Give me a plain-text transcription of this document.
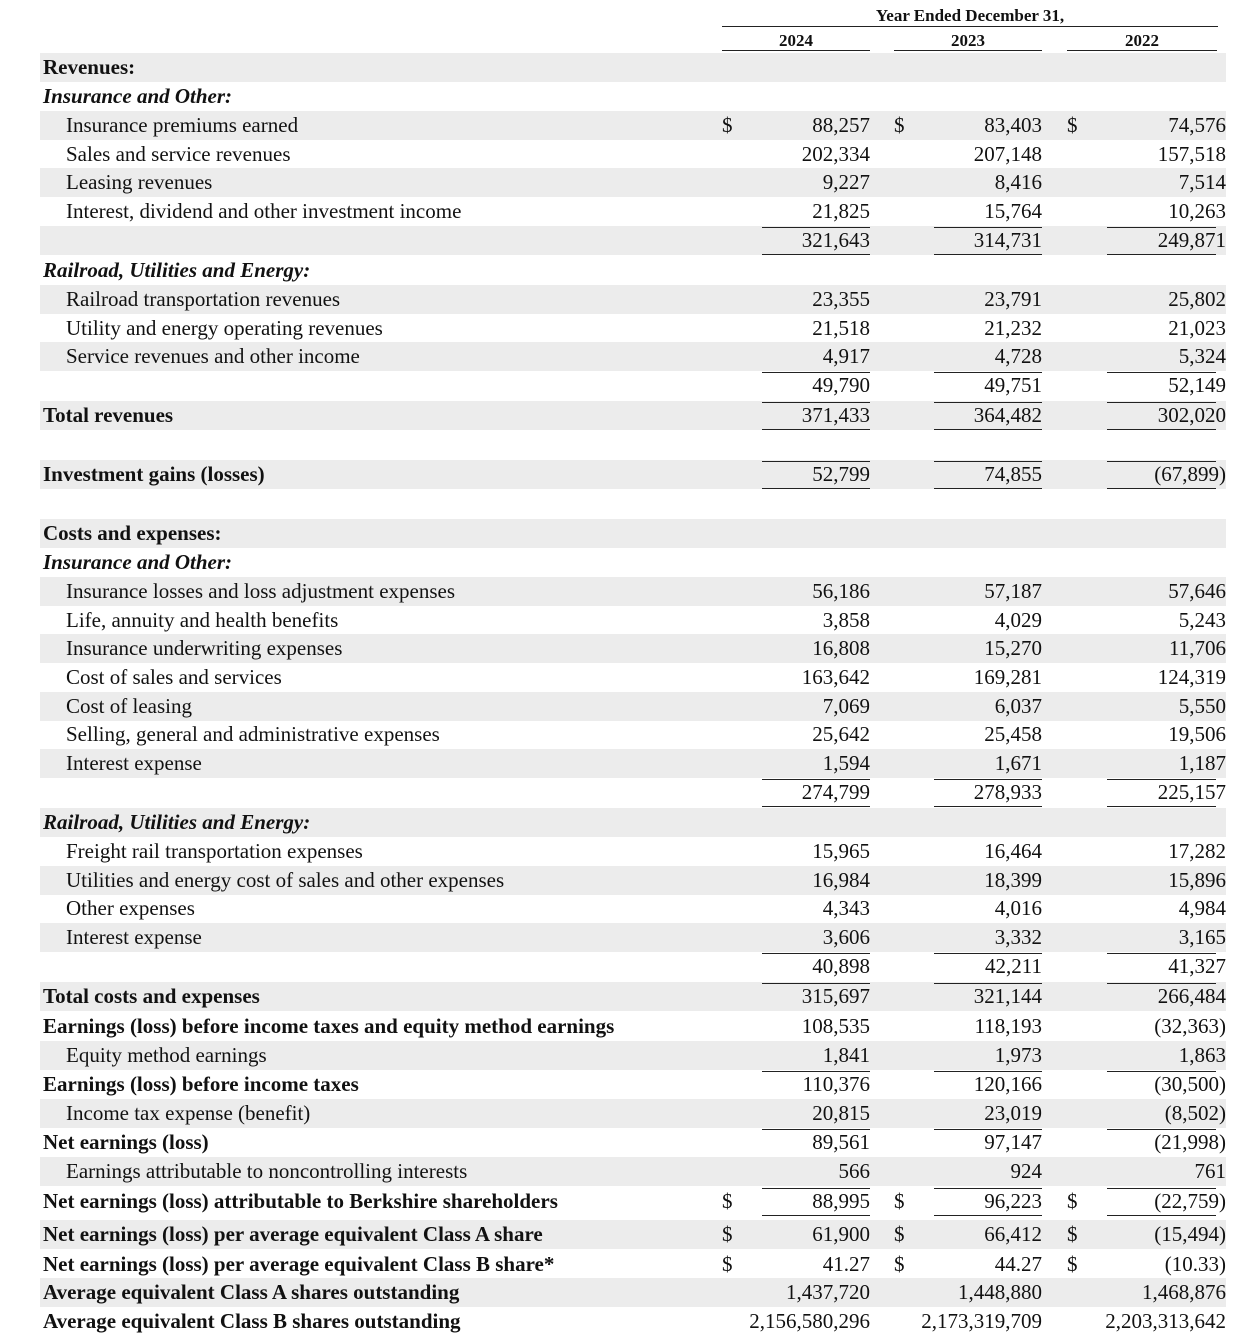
Year Ended December 31,
2024	2023	2022
Revenues:
Insurance and Other:
Insurance premiums earned	$	88,257 $	83,403 $	74,576
Sales and service revenues	202,334	207,148	157,518
Leasing revenues	9,227	8,416	7,514
Interest, dividend and other investment income	21,825	15,764	10,263
321,643	314,731	249,871
Railroad, Utilities and Energy:
Railroad transportation revenues	23,355	23,791	25,802
Utility and energy operating revenues	21,518	21,232	21,023
Service revenues and other income	4,917	4,728	5,324
49,790	49,751	52,149
Total revenues	371,433	364,482	302,020
Investment gains (losses)	52,799	74,855	(67,899)
Costs and expenses:
Insurance and Other:
Insurance losses and loss adjustment expenses	56,186	57,187	57,646
Life, annuity and health benefits	3,858	4,029	5,243
Insurance underwriting expenses	16,808	15,270	11,706
Cost of sales and services	163,642	169,281	124,319
Cost of leasing	7,069	6,037	5,550
Selling, general and administrative expenses	25,642	25,458	19,506
Interest expense	1,594	1,671	1,187
274,799	278,933	225,157
Railroad, Utilities and Energy:
Freight rail transportation expenses	15,965	16,464	17,282
Utilities and energy cost of sales and other expenses	16,984	18,399	15,896
Other expenses	4,343	4,016	4,984
Interest expense	3,606	3,332	3,165
40,898	42,211	41,327
Total costs and expenses	315,697	321,144	266,484
Earnings (loss) before income taxes and equity method earnings	108,535	118,193	(32,363)
Equity method earnings	1,841	1,973	1,863
Earnings (loss) before income taxes	110,376	120,166	(30,500)
Income tax expense (benefit)	20,815	23,019	(8,502)
Net earnings (loss)	89,561	97,147	(21,998)
Earnings attributable to noncontrolling interests	566	924	761
Net earnings (loss) attributable to Berkshire shareholders	$	88,995 $	96,223 $	(22,759)
Net earnings (loss) per average equivalent Class A share	$	61,900 $	66,412 $	(15,494)
Net earnings (loss) per average equivalent Class B share*	$	41.27 $	44.27 $	(10.33)
Average equivalent Class A shares outstanding	1,437,720	1,448,880	1,468,876
Average equivalent Class B shares outstanding	2,156,580,296 2,173,319,709	2,203,313,642
